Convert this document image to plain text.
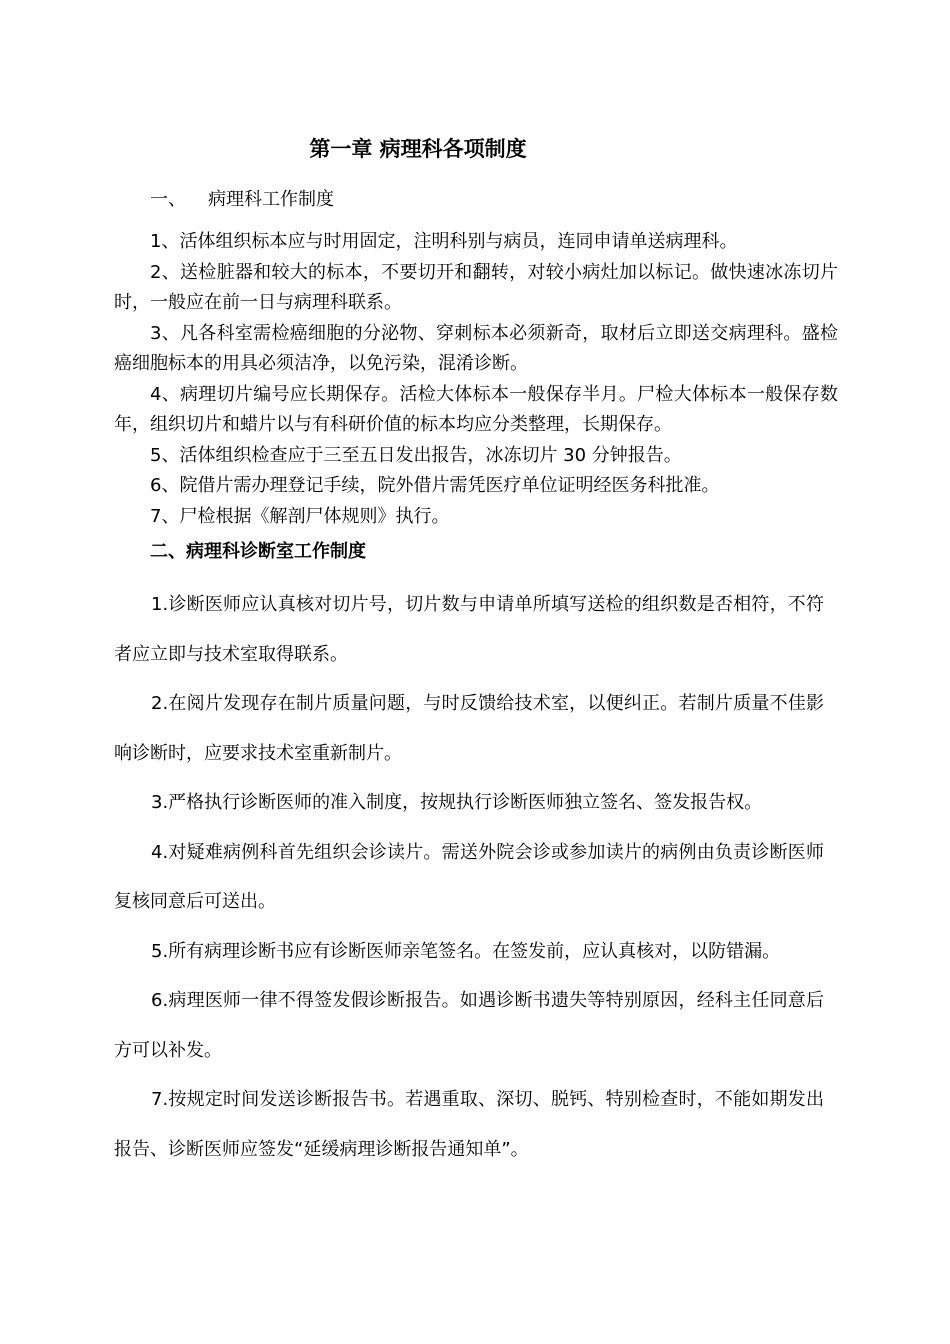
第一章 病理科各项制度
一、 病理科工作制度

1、活体组织标本应与时用固定，注明科别与病员，连同申请单送病理科。

2、送检脏器和较大的标本，不要切开和翻转，对较小病灶加以标记。做快速冰冻切片时，一般应在前一日与病理科联系。

3、凡各科室需检癌细胞的分泌物、穿刺标本必须新奇，取材后立即送交病理科。盛检癌细胞标本的用具必须洁净，以免污染，混淆诊断。

4、病理切片编号应长期保存。活检大体标本一般保存半月。尸检大体标本一般保存数年，组织切片和蜡片以与有科研价值的标本均应分类整理，长期保存。

5、活体组织检查应于三至五日发出报告，冰冻切片 30 分钟报告。

6、院借片需办理登记手续，院外借片需凭医疗单位证明经医务科批准。

7、尸检根据《解剖尸体规则》执行。

二、病理科诊断室工作制度

1.诊断医师应认真核对切片号，切片数与申请单所填写送检的组织数是否相符，不符者应立即与技术室取得联系。

2.在阅片发现存在制片质量问题，与时反馈给技术室，以便纠正。若制片质量不佳影响诊断时，应要求技术室重新制片。

3.严格执行诊断医师的准入制度，按规执行诊断医师独立签名、签发报告权。

4.对疑难病例科首先组织会诊读片。需送外院会诊或参加读片的病例由负责诊断医师复核同意后可送出。

5.所有病理诊断书应有诊断医师亲笔签名。在签发前，应认真核对，以防错漏。

6.病理医师一律不得签发假诊断报告。如遇诊断书遗失等特别原因，经科主任同意后方可以补发。

7.按规定时间发送诊断报告书。若遇重取、深切、脱钙、特别检查时，不能如期发出报告、诊断医师应签发“延缓病理诊断报告通知单”。
